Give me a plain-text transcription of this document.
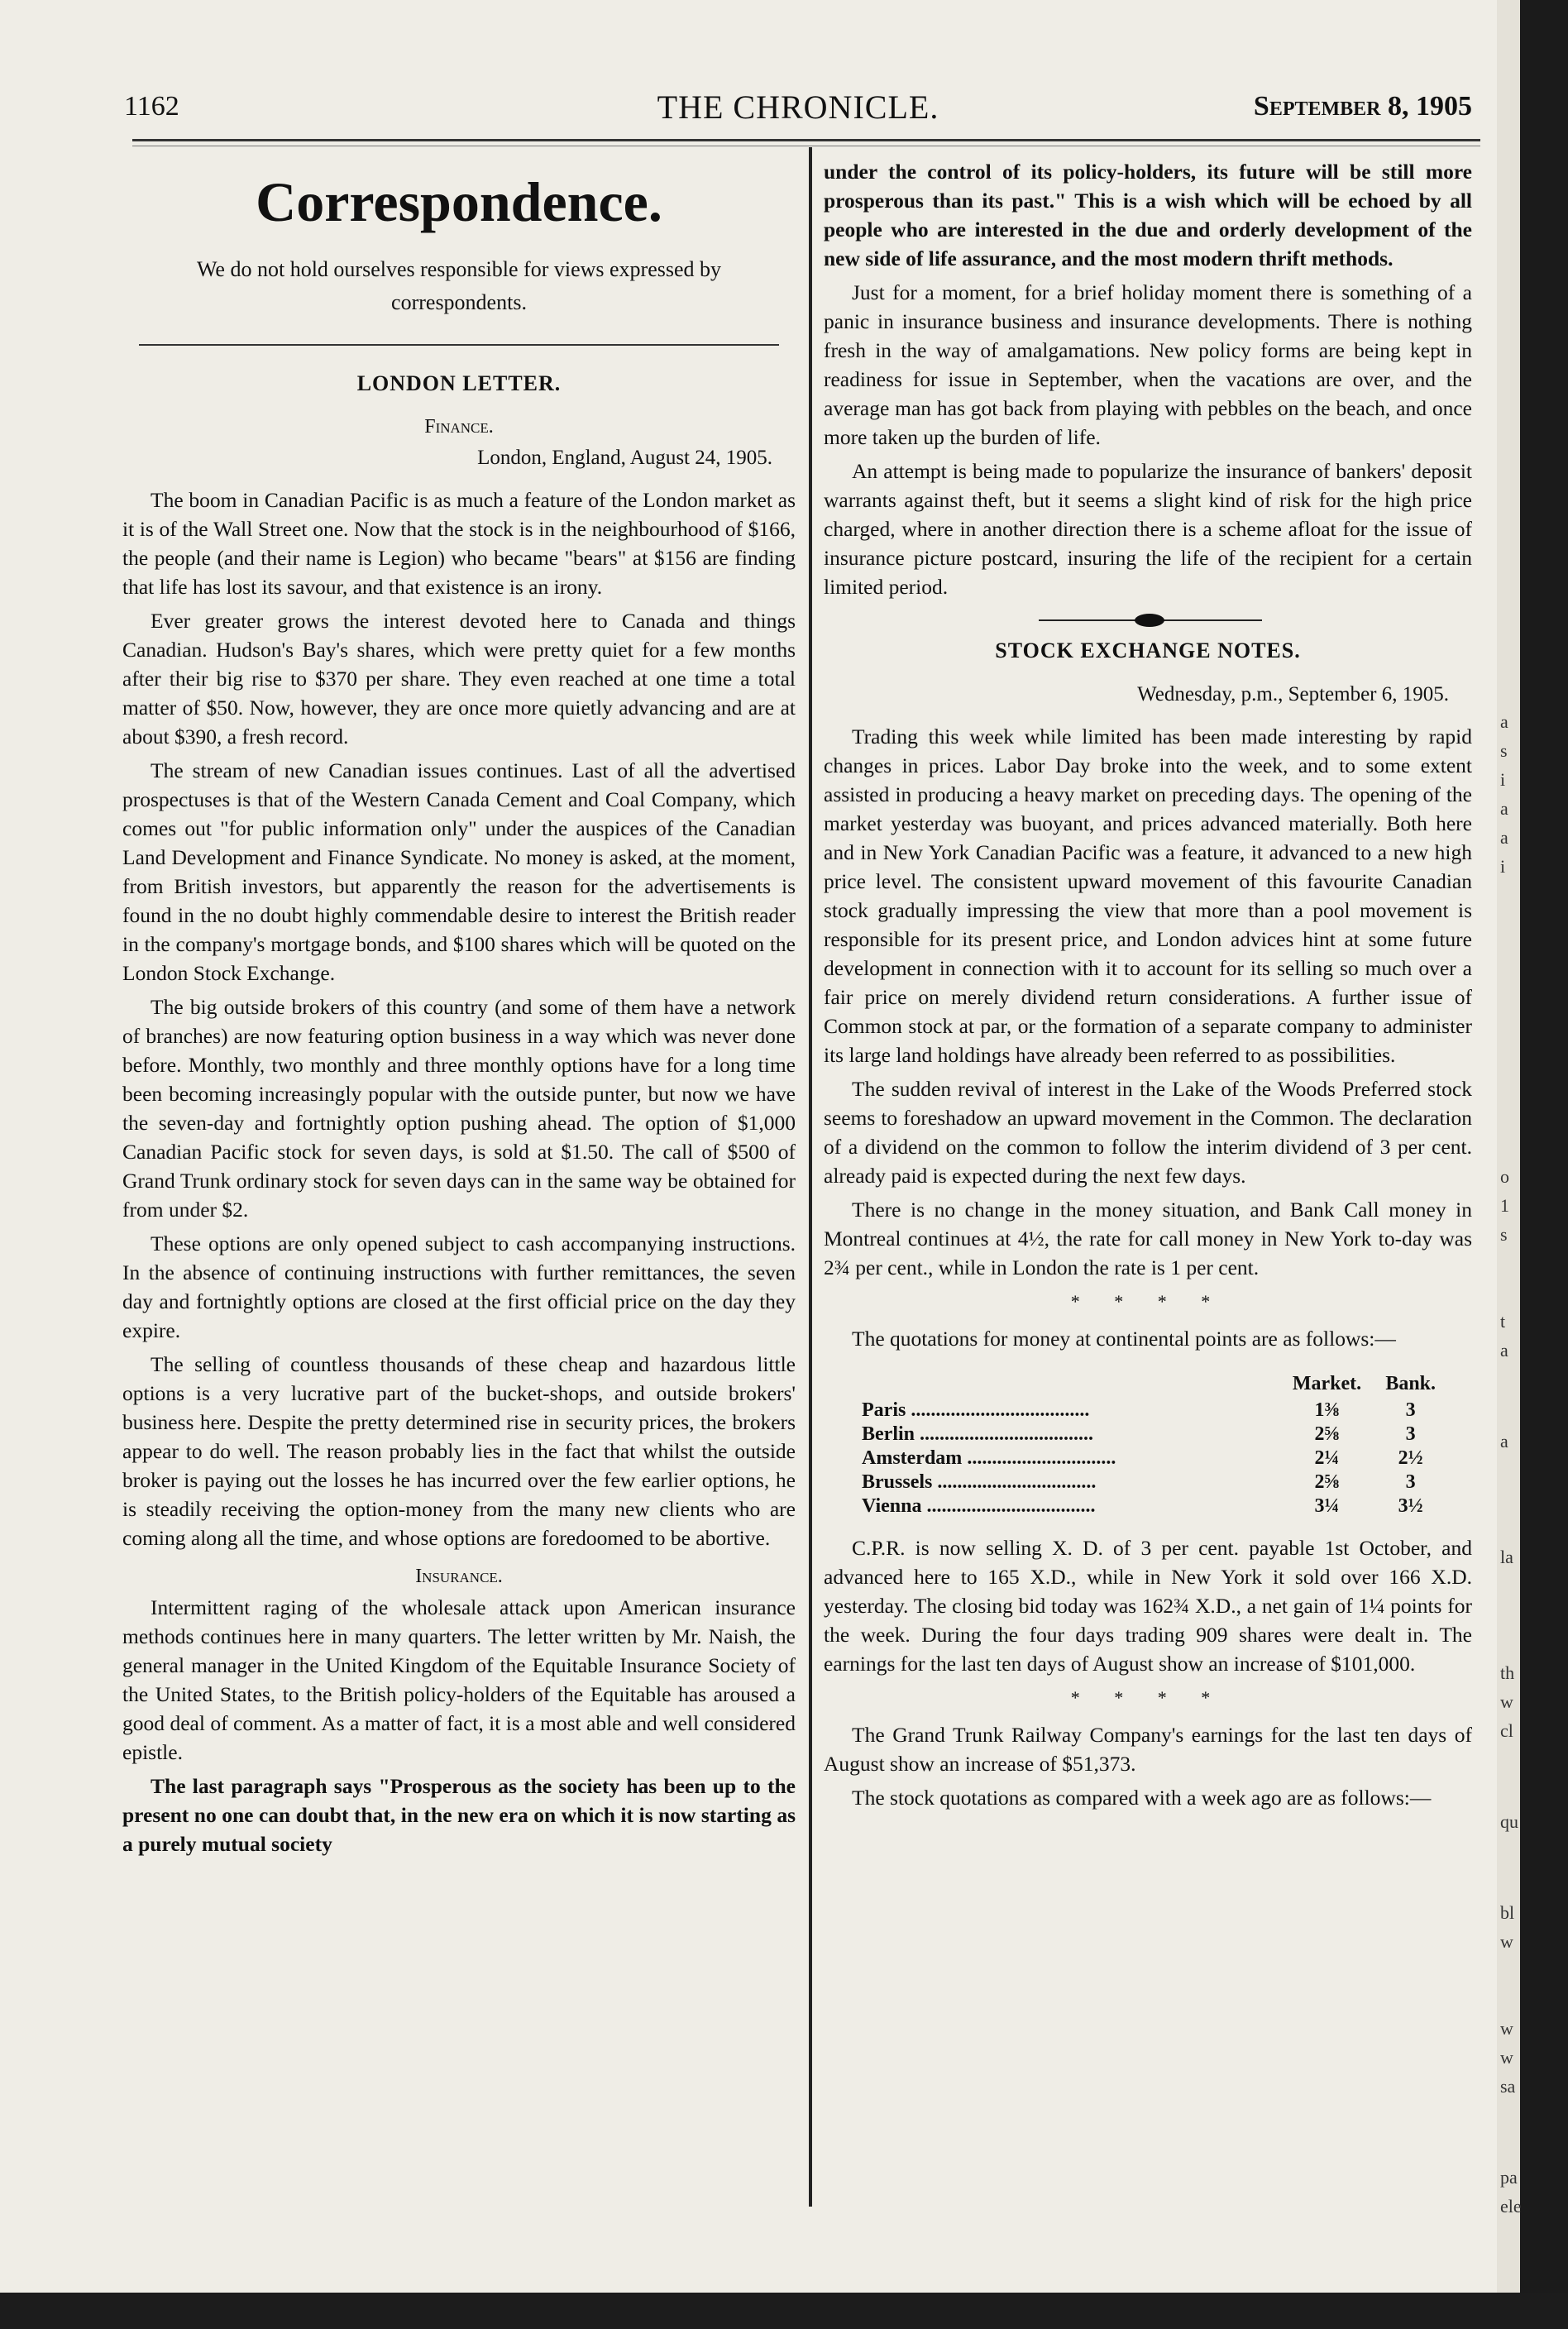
1162	THE CHRONICLE.	September 8, 1905
Correspondence.
We do not hold ourselves responsible for views expressed by correspondents.
LONDON LETTER.
Finance.
London, England, August 24, 1905.

The boom in Canadian Pacific is as much a feature of the London market as it is of the Wall Street one. Now that the stock is in the neighbourhood of $166, the people (and their name is Legion) who became "bears" at $156 are finding that life has lost its savour, and that existence is an irony.

Ever greater grows the interest devoted here to Canada and things Canadian. Hudson's Bay's shares, which were pretty quiet for a few months after their big rise to $370 per share. They even reached at one time a total matter of $50. Now, however, they are once more quietly advancing and are at about $390, a fresh record.

The stream of new Canadian issues continues. Last of all the advertised prospectuses is that of the Western Canada Cement and Coal Company, which comes out "for public information only" under the auspices of the Canadian Land Development and Finance Syndicate. No money is asked, at the moment, from British investors, but apparently the reason for the advertisements is found in the no doubt highly commendable desire to interest the British reader in the company's mortgage bonds, and $100 shares which will be quoted on the London Stock Exchange.

The big outside brokers of this country (and some of them have a network of branches) are now featuring option business in a way which was never done before. Monthly, two monthly and three monthly options have for a long time been becoming increasingly popular with the outside punter, but now we have the seven-day and fortnightly option pushing ahead. The option of $1,000 Canadian Pacific stock for seven days, is sold at $1.50. The call of $500 of Grand Trunk ordinary stock for seven days can in the same way be obtained for from under $2.

These options are only opened subject to cash accompanying instructions. In the absence of continuing instructions with further remittances, the seven day and fortnightly options are closed at the first official price on the day they expire.

The selling of countless thousands of these cheap and hazardous little options is a very lucrative part of the bucket-shops, and outside brokers' business here. Despite the pretty determined rise in security prices, the brokers appear to do well. The reason probably lies in the fact that whilst the outside broker is paying out the losses he has incurred over the few earlier options, he is steadily receiving the option-money from the many new clients who are coming along all the time, and whose options are foredoomed to be abortive.

Insurance.

Intermittent raging of the wholesale attack upon American insurance methods continues here in many quarters. The letter written by Mr. Naish, the general manager in the United Kingdom of the Equitable Insurance Society of the United States, to the British policy-holders of the Equitable has aroused a good deal of comment. As a matter of fact, it is a most able and well considered epistle.

The last paragraph says "Prosperous as the society has been up to the present no one can doubt that, in the new era on which it is now starting as a purely mutual society

under the control of its policy-holders, its future will be still more prosperous than its past." This is a wish which will be echoed by all people who are interested in the due and orderly development of the new side of life assurance, and the most modern thrift methods.

Just for a moment, for a brief holiday moment there is something of a panic in insurance business and insurance developments. There is nothing fresh in the way of amalgamations. New policy forms are being kept in readiness for issue in September, when the vacations are over, and the average man has got back from playing with pebbles on the beach, and once more taken up the burden of life.

An attempt is being made to popularize the insurance of bankers' deposit warrants against theft, but it seems a slight kind of risk for the high price charged, where in another direction there is a scheme afloat for the issue of insurance picture postcard, insuring the life of the recipient for a certain limited period.

STOCK EXCHANGE NOTES.
Wednesday, p.m., September 6, 1905.

Trading this week while limited has been made interesting by rapid changes in prices. Labor Day broke into the week, and to some extent assisted in producing a heavy market on preceding days. The opening of the market yesterday was buoyant, and prices advanced materially. Both here and in New York Canadian Pacific was a feature, it advanced to a new high price level. The consistent upward movement of this favourite Canadian stock gradually impressing the view that more than a pool movement is responsible for its present price, and London advices hint at some future development in connection with it to account for its selling so much over a fair price on merely dividend return considerations. A further issue of Common stock at par, or the formation of a separate company to administer its large land holdings have already been referred to as possibilities.

The sudden revival of interest in the Lake of the Woods Preferred stock seems to foreshadow an upward movement in the Common. The declaration of a dividend on the common to follow the interim dividend of 3 per cent. already paid is expected during the next few days.

There is no change in the money situation, and Bank Call money in Montreal continues at 4½, the rate for call money in New York to-day was 2¾ per cent., while in London the rate is 1 per cent.

* * * *

The quotations for money at continental points are as follows:—

	Market.	Bank.
Paris ....................................	1⅜	3
Berlin ...................................	2⅝	3
Amsterdam ..............................	2¼	2½
Brussels ................................	2⅝	3
Vienna ..................................	3¼	3½

C.P.R. is now selling X. D. of 3 per cent. payable 1st October, and advanced here to 165 X.D., while in New York it sold over 166 X.D. yesterday. The closing bid today was 162¾ X.D., a net gain of 1¼ points for the week. During the four days trading 909 shares were dealt in. The earnings for the last ten days of August show an increase of $101,000.

* * * *

The Grand Trunk Railway Company's earnings for the last ten days of August show an increase of $51,373.

The stock quotations as compared with a week ago are as follows:—

a
s
i
a
a
i
o
1
s
t
a
a
la
th
w
cl
qu
bl
w
w
w
sa
pa
ele
